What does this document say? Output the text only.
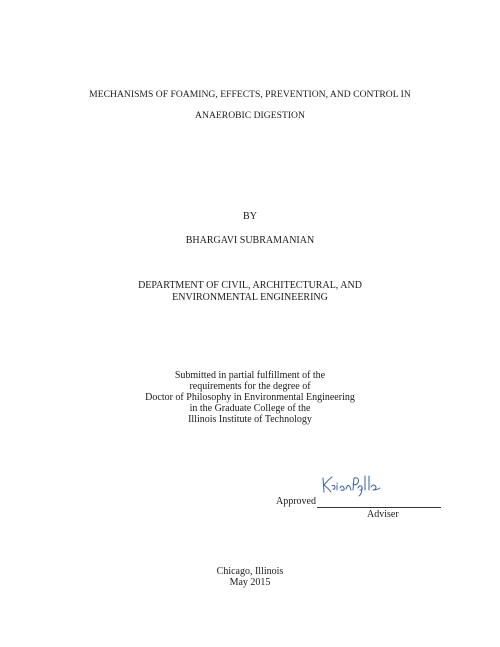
MECHANISMS OF FOAMING, EFFECTS, PREVENTION, AND CONTROL IN
ANAEROBIC DIGESTION
BY
BHARGAVI SUBRAMANIAN
DEPARTMENT OF CIVIL, ARCHITECTURAL, AND
ENVIRONMENTAL ENGINEERING
Submitted in partial fulfillment of the
requirements for the degree of
Doctor of Philosophy in Environmental Engineering
in the Graduate College of the
Illinois Institute of Technology
Approved
Adviser
Chicago, Illinois
May 2015
